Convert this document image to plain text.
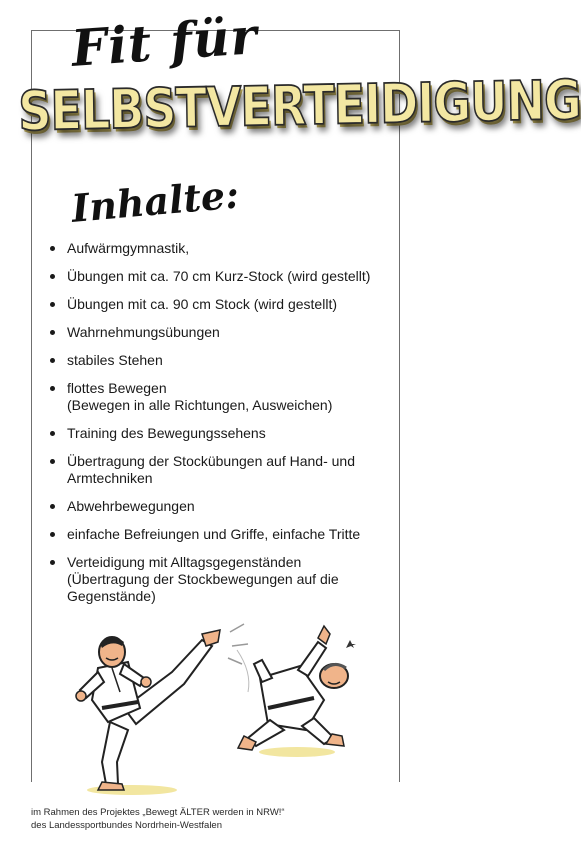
Fit für
SELBSTVERTEIDIGUNG
Inhalte:
Aufwärmgymnastik,
Übungen mit ca. 70 cm Kurz-Stock (wird gestellt)
Übungen mit ca. 90 cm Stock (wird gestellt)
Wahrnehmungsübungen
stabiles Stehen
flottes Bewegen
(Bewegen in alle Richtungen, Ausweichen)
Training des Bewegungssehens
Übertragung der Stockübungen auf Hand- und Armtechniken
Abwehrbewegungen
einfache Befreiungen und Griffe, einfache Tritte
Verteidigung mit Alltagsgegenständen
(Übertragung der Stockbewegungen auf die Gegenstände)
im Rahmen des Projektes „Bewegt ÄLTER werden in NRW!“
des Landessportbundes Nordrhein-Westfalen
